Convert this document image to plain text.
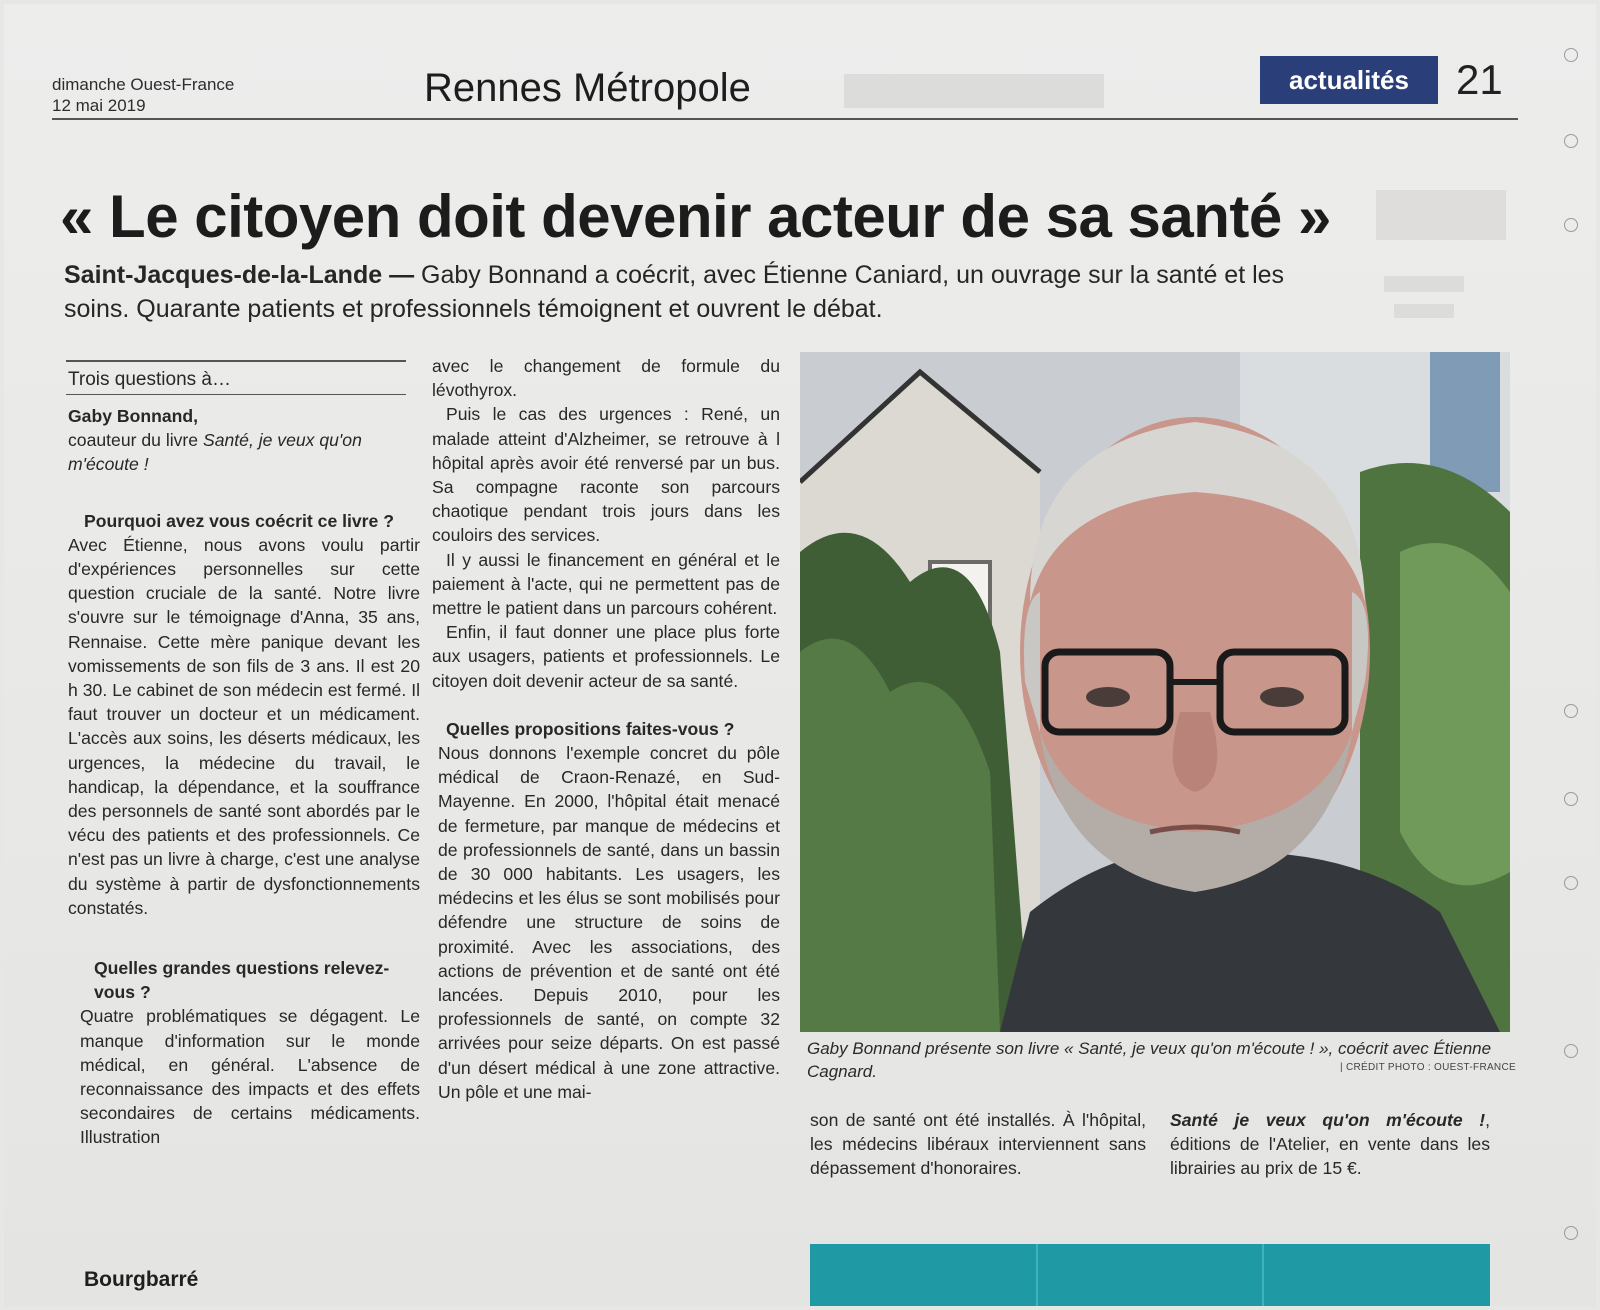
dimanche Ouest-France
12 mai 2019	Rennes Métropole	actualités	21
« Le citoyen doit devenir acteur de sa santé »
Saint-Jacques-de-la-Lande — Gaby Bonnand a coécrit, avec Étienne Caniard, un ouvrage sur la santé et les soins. Quarante patients et professionnels témoignent et ouvrent le débat.
Trois questions à…

Gaby Bonnand,

coauteur du livre Santé, je veux qu'on m'écoute !

Pourquoi avez vous coécrit ce livre ?

Avec Étienne, nous avons voulu partir d'expériences personnelles sur cette question cruciale de la santé. Notre livre s'ouvre sur le témoignage d'Anna, 35 ans, Rennaise. Cette mère panique devant les vomissements de son fils de 3 ans. Il est 20 h 30. Le cabinet de son médecin est fermé. Il faut trouver un docteur et un médicament. L'accès aux soins, les déserts médicaux, les urgences, la médecine du travail, le handicap, la dépendance, et la souffrance des personnels de santé sont abordés par le vécu des patients et des professionnels. Ce n'est pas un livre à charge, c'est une analyse du système à partir de dysfonctionnements constatés.

Quelles grandes questions relevez-vous ?

Quatre problématiques se dégagent. Le manque d'information sur le monde médical, en général. L'absence de reconnaissance des impacts et des effets secondaires de certains médicaments. Illustration

avec le changement de formule du lévothyrox.

Puis le cas des urgences : René, un malade atteint d'Alzheimer, se retrouve à l hôpital après avoir été renversé par un bus. Sa compagne raconte son parcours chaotique pendant trois jours dans les couloirs des services.

Il y aussi le financement en général et le paiement à l'acte, qui ne permettent pas de mettre le patient dans un parcours cohérent.

Enfin, il faut donner une place plus forte aux usagers, patients et professionnels. Le citoyen doit devenir acteur de sa santé.

Quelles propositions faites-vous ?

Nous donnons l'exemple concret du pôle médical de Craon-Renazé, en Sud-Mayenne. En 2000, l'hôpital était menacé de fermeture, par manque de médecins et de professionnels de santé, dans un bassin de 30 000 habitants. Les usagers, les médecins et les élus se sont mobilisés pour défendre une structure de soins de proximité. Avec les associations, des actions de prévention et de santé ont été lancées. Depuis 2010, pour les professionnels de santé, on compte 32 arrivées pour seize départs. On est passé d'un désert médical à une zone attractive. Un pôle et une mai-

Gaby Bonnand présente son livre « Santé, je veux qu'on m'écoute ! », coécrit avec Étienne Cagnard.	| CRÉDIT PHOTO : OUEST-FRANCE

son de santé ont été installés. À l'hôpital, les médecins libéraux interviennent sans dépassement d'honoraires.

Santé je veux qu'on m'écoute !, éditions de l'Atelier, en vente dans les librairies au prix de 15 €.

Bourgbarré
